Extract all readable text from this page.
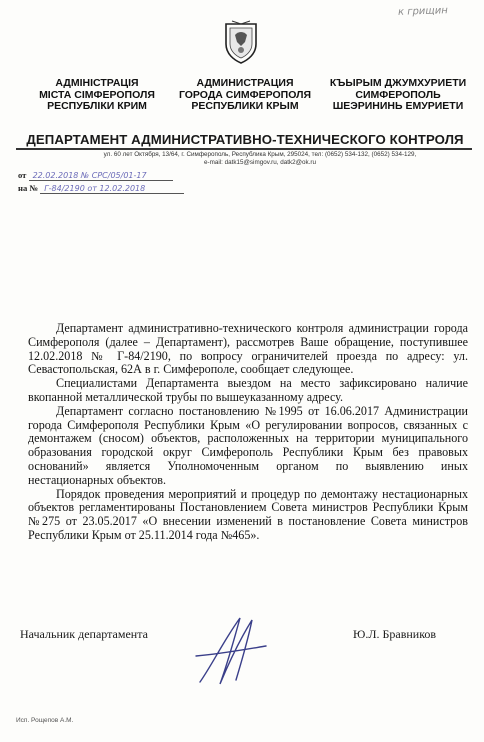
к грищин
АДМІНІСТРАЦІЯ
МІСТА СІМФЕРОПОЛЯ
РЕСПУБЛІКИ КРИМ
АДМИНИСТРАЦИЯ
ГОРОДА СИМФЕРОПОЛЯ
РЕСПУБЛИКИ КРЫМ
КЪЫРЫМ ДЖУМХУРИЕТИ
СИМФЕРОПОЛЬ
ШЕЭРИНИНЬ ЕМУРИЕТИ
ДЕПАРТАМЕНТ АДМИНИСТРАТИВНО-ТЕХНИЧЕСКОГО КОНТРОЛЯ
ул. 60 лет Октября, 13/64, г. Симферополь, Республика Крым, 295024, тел: (0652) 534-132, (0652) 534-129,
e-mail: datk15@simgov.ru, datk2@ok.ru
от 22.02.2018 № СРС/05/01-17
на № Г-84/2190 от 12.02.2018

Департамент административно-технического контроля администрации города Симферополя (далее – Департамент), рассмотрев Ваше обращение, поступившее 12.02.2018 № Г-84/2190, по вопросу ограничителей проезда по адресу: ул. Севастопольская, 62А в г. Симферополе, сообщает следующее.

Специалистами Департамента выездом на место зафиксировано наличие вкопанной металлической трубы по вышеуказанному адресу.

Департамент согласно постановлению №1995 от 16.06.2017 Администрации города Симферополя Республики Крым «О регулировании вопросов, связанных с демонтажем (сносом) объектов, расположенных на территории муниципального образования городской округ Симферополь Республики Крым без правовых оснований» является Уполномоченным органом по выявлению иных нестационарных объектов.

Порядок проведения мероприятий и процедур по демонтажу нестационарных объектов регламентированы Постановлением Совета министров Республики Крым №275 от 23.05.2017 «О внесении изменений в постановление Совета министров Республики Крым от 25.11.2014 года №465».

Начальник департамента	Ю.Л. Бравников
Исп. Рощепов А.М.
